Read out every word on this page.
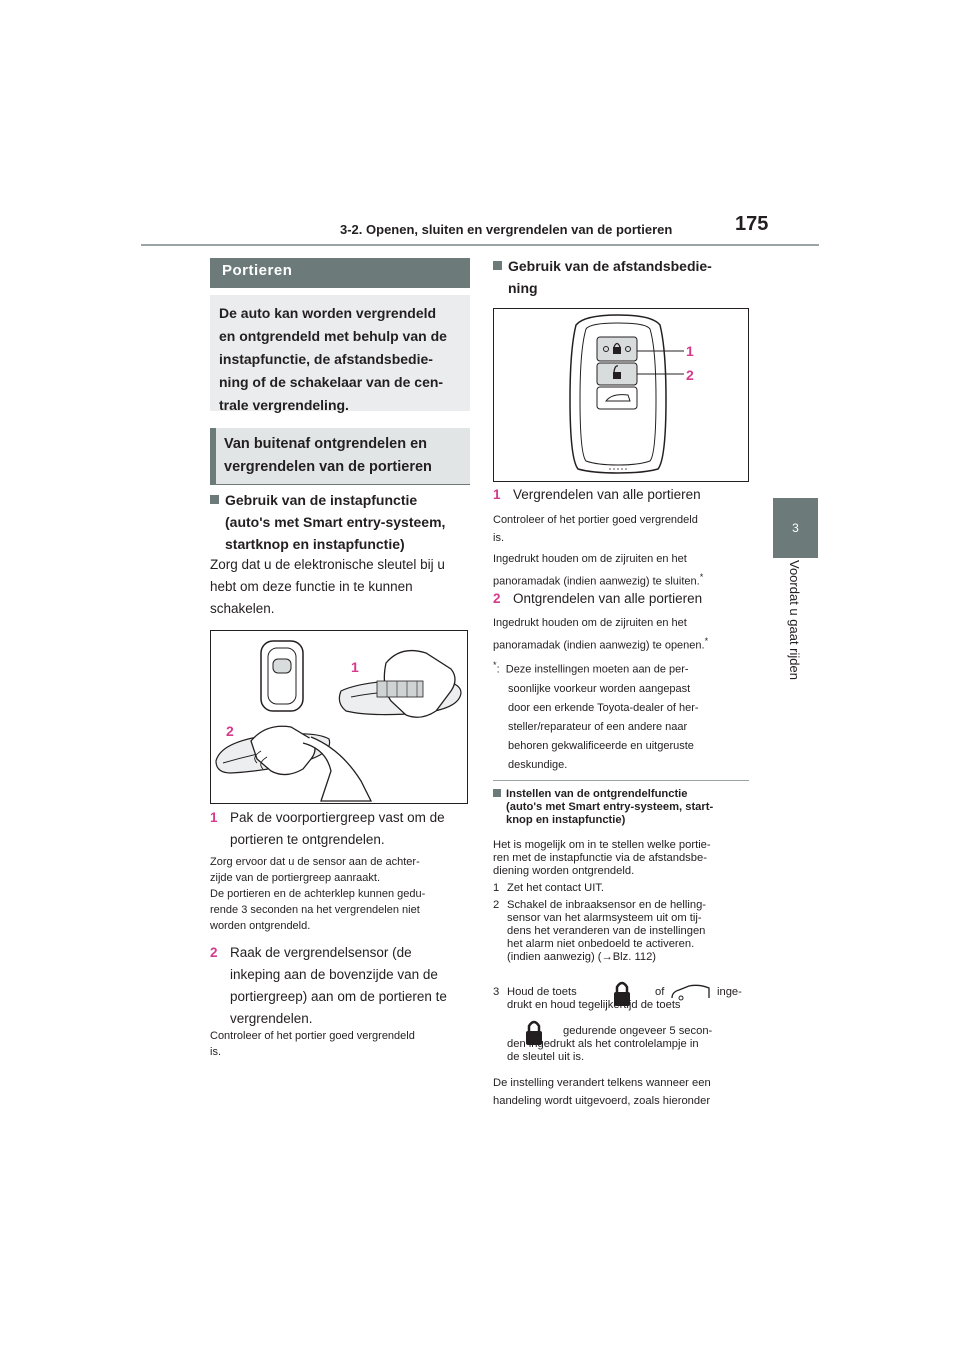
3-2. Openen, sluiten en vergrendelen van de portieren	175
3
Voordat u gaat rijden
Portieren
De auto kan worden vergrendeld
en ontgrendeld met behulp van de
instapfunctie, de afstandsbedie-
ning of de schakelaar van de cen-
trale vergrendeling.
Van buitenaf ontgrendelen en
vergrendelen van de portieren
Gebruik van de instapfunctie
(auto's met Smart entry-systeem,
startknop en instapfunctie)
Zorg dat u de elektronische sleutel bij u
hebt om deze functie in te kunnen
schakelen.
1
2
1 Pak de voorportiergreep vast om de
portieren te ontgrendelen.
Zorg ervoor dat u de sensor aan de achter-
zijde van de portiergreep aanraakt.
De portieren en de achterklep kunnen gedu-
rende 3 seconden na het vergrendelen niet
worden ontgrendeld.
2 Raak de vergrendelsensor (de
inkeping aan de bovenzijde van de
portiergreep) aan om de portieren te
vergrendelen.
Controleer of het portier goed vergrendeld
is.
Gebruik van de afstandsbedie-
ning
1
2
1 Vergrendelen van alle portieren
Controleer of het portier goed vergrendeld
is.
Ingedrukt houden om de zijruiten en het
panoramadak (indien aanwezig) te sluiten.*
2 Ontgrendelen van alle portieren
Ingedrukt houden om de zijruiten en het
panoramadak (indien aanwezig) te openen.*
*:  Deze instellingen moeten aan de per-
soonlijke voorkeur worden aangepast
door een erkende Toyota-dealer of her-
steller/reparateur of een andere naar
behoren gekwalificeerde en uitgeruste
deskundige.
Instellen van de ontgrendelfunctie
(auto's met Smart entry-systeem, start-
knop en instapfunctie)
Het is mogelijk om in te stellen welke portie-
ren met de instapfunctie via de afstandsbe-
diening worden ontgrendeld.
1 Zet het contact UIT.
2 Schakel de inbraaksensor en de helling-
sensor van het alarmsysteem uit om tij-
dens het veranderen van de instellingen
het alarm niet onbedoeld te activeren.
(indien aanwezig) (→Blz. 112)
3 Houd de toets	of	inge-
drukt en houd tegelijkertijd de toets
gedurende ongeveer 5 secon-
den ingedrukt als het controlelampje in
de sleutel uit is.
De instelling verandert telkens wanneer een
handeling wordt uitgevoerd, zoals hieronder
